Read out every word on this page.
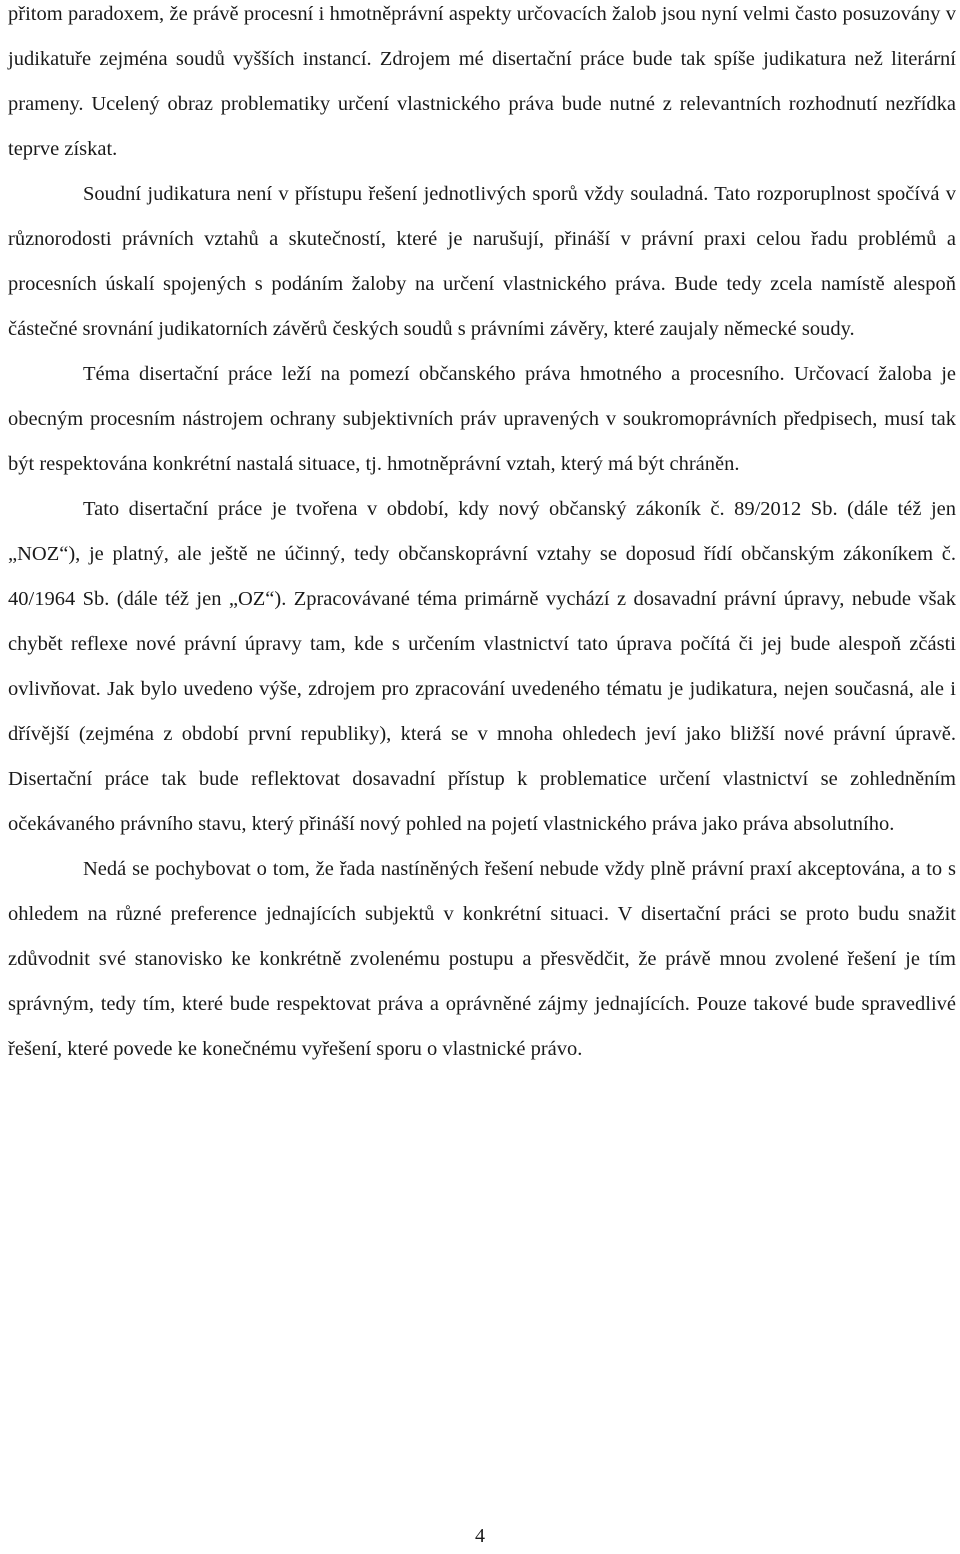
přitom paradoxem, že právě procesní i hmotněprávní aspekty určovacích žalob jsou nyní velmi často posuzovány v judikatuře zejména soudů vyšších instancí. Zdrojem mé disertační práce bude tak spíše judikatura než literární prameny. Ucelený obraz problematiky určení vlastnického práva bude nutné z relevantních rozhodnutí nezřídka teprve získat.

Soudní judikatura není v přístupu řešení jednotlivých sporů vždy souladná. Tato rozporuplnost spočívá v různorodosti právních vztahů a skutečností, které je narušují, přináší v právní praxi celou řadu problémů a procesních úskalí spojených s podáním žaloby na určení vlastnického práva. Bude tedy zcela namístě alespoň částečné srovnání judikatorních závěrů českých soudů s právními závěry, které zaujaly německé soudy.

Téma disertační práce leží na pomezí občanského práva hmotného a procesního. Určovací žaloba je obecným procesním nástrojem ochrany subjektivních práv upravených v soukromoprávních předpisech, musí tak být respektována konkrétní nastalá situace, tj. hmotněprávní vztah, který má být chráněn.

Tato disertační práce je tvořena v období, kdy nový občanský zákoník č. 89/2012 Sb. (dále též jen „NOZ“), je platný, ale ještě ne účinný, tedy občanskoprávní vztahy se doposud řídí občanským zákoníkem č. 40/1964 Sb. (dále též jen „OZ“). Zpracovávané téma primárně vychází z dosavadní právní úpravy, nebude však chybět reflexe nové právní úpravy tam, kde s určením vlastnictví tato úprava počítá či jej bude alespoň zčásti ovlivňovat. Jak bylo uvedeno výše, zdrojem pro zpracování uvedeného tématu je judikatura, nejen současná, ale i dřívější (zejména z období první republiky), která se v mnoha ohledech jeví jako bližší nové právní úpravě. Disertační práce tak bude reflektovat dosavadní přístup k problematice určení vlastnictví se zohledněním očekávaného právního stavu, který přináší nový pohled na pojetí vlastnického práva jako práva absolutního.

Nedá se pochybovat o tom, že řada nastíněných řešení nebude vždy plně právní praxí akceptována, a to s ohledem na různé preference jednajících subjektů v konkrétní situaci. V disertační práci se proto budu snažit zdůvodnit své stanovisko ke konkrétně zvolenému postupu a přesvědčit, že právě mnou zvolené řešení je tím správným, tedy tím, které bude respektovat práva a oprávněné zájmy jednajících. Pouze takové bude spravedlivé řešení, které povede ke konečnému vyřešení sporu o vlastnické právo.

4
